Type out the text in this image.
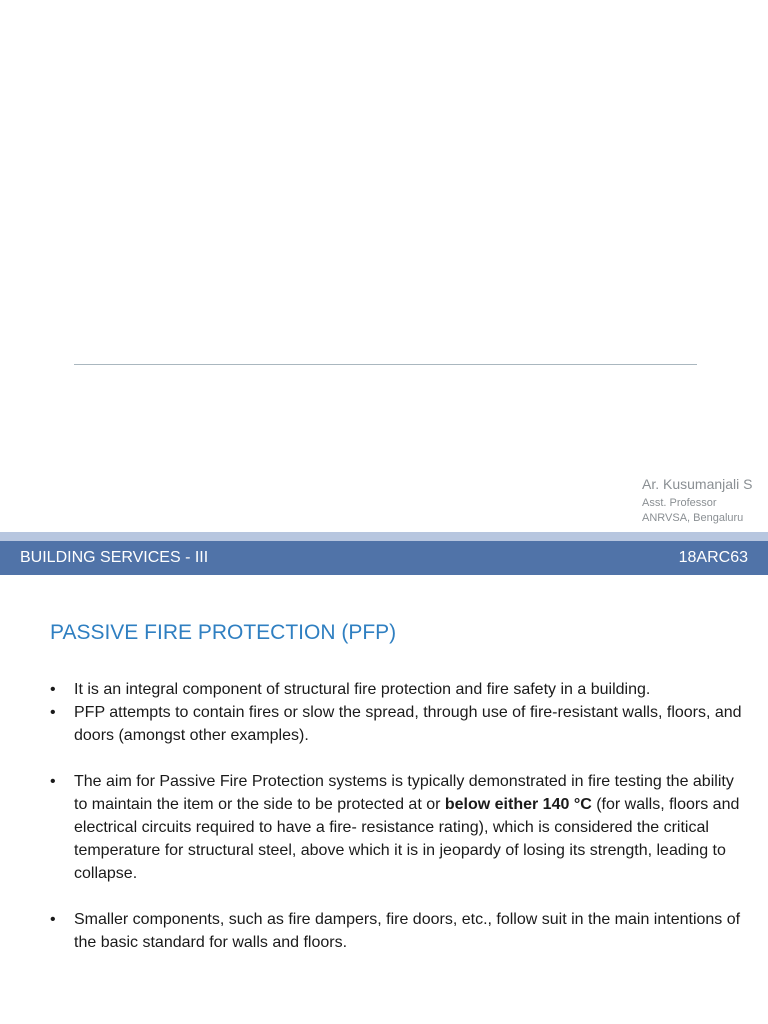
Ar. Kusumanjali S
Asst. Professor
ANRVSA, Bengaluru
BUILDING SERVICES - III	18ARC63
PASSIVE FIRE PROTECTION (PFP)
• It is an integral component of structural fire protection and fire safety in a building.
• PFP attempts to contain fires or slow the spread, through use of fire-resistant walls, floors, and doors (amongst other examples).
• The aim for Passive Fire Protection systems is typically demonstrated in fire testing the ability to maintain the item or the side to be protected at or below either 140 °C (for walls, floors and electrical circuits required to have a fire- resistance rating), which is considered the critical temperature for structural steel, above which it is in jeopardy of losing its strength, leading to collapse.
• Smaller components, such as fire dampers, fire doors, etc., follow suit in the main intentions of the basic standard for walls and floors.
